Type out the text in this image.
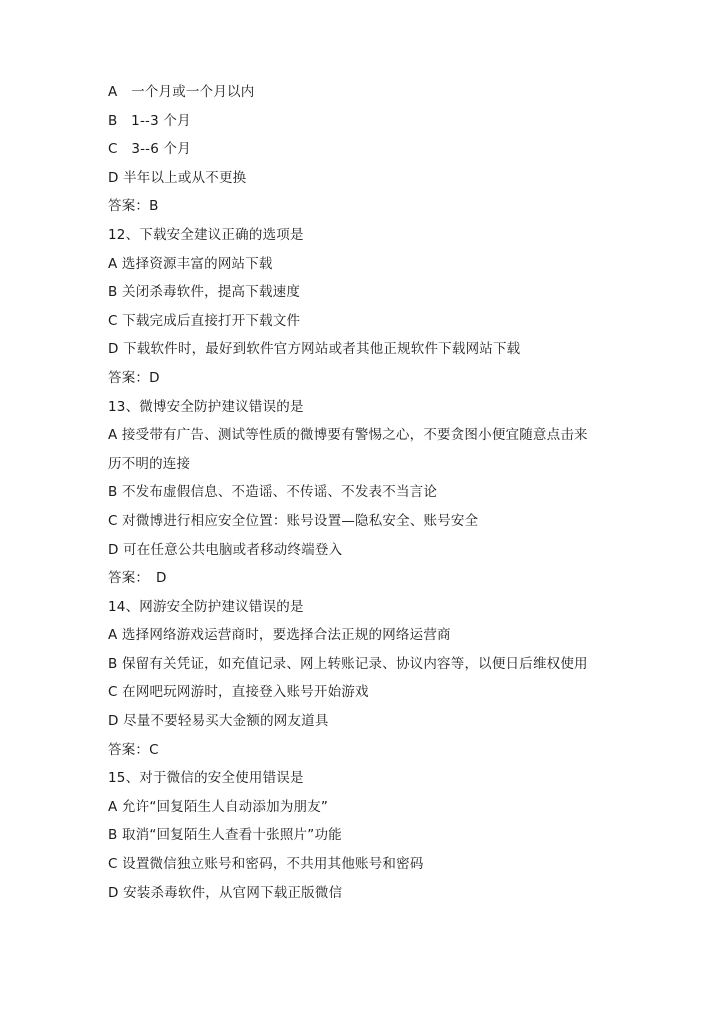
A　一个月或一个月以内
B　1--3 个月
C　3--6 个月
D 半年以上或从不更换
答案：B
12、下载安全建议正确的选项是
A 选择资源丰富的网站下载
B 关闭杀毒软件，提高下载速度
C 下载完成后直接打开下载文件
D 下载软件时，最好到软件官方网站或者其他正规软件下载网站下载
答案：D
13、微博安全防护建议错误的是
A 接受带有广告、测试等性质的微博要有警惕之心，不要贪图小便宜随意点击来
历不明的连接
B 不发布虚假信息、不造谣、不传谣、不发表不当言论
C 对微博进行相应安全位置：账号设置—隐私安全、账号安全
D 可在任意公共电脑或者移动终端登入
答案：　D
14、网游安全防护建议错误的是
A 选择网络游戏运营商时，要选择合法正规的网络运营商
B 保留有关凭证，如充值记录、网上转账记录、协议内容等，以便日后维权使用
C 在网吧玩网游时，直接登入账号开始游戏
D 尽量不要轻易买大金额的网友道具
答案：C
15、对于微信的安全使用错误是
A 允许“回复陌生人自动添加为朋友”
B 取消“回复陌生人查看十张照片”功能
C 设置微信独立账号和密码，不共用其他账号和密码
D 安装杀毒软件，从官网下载正版微信
